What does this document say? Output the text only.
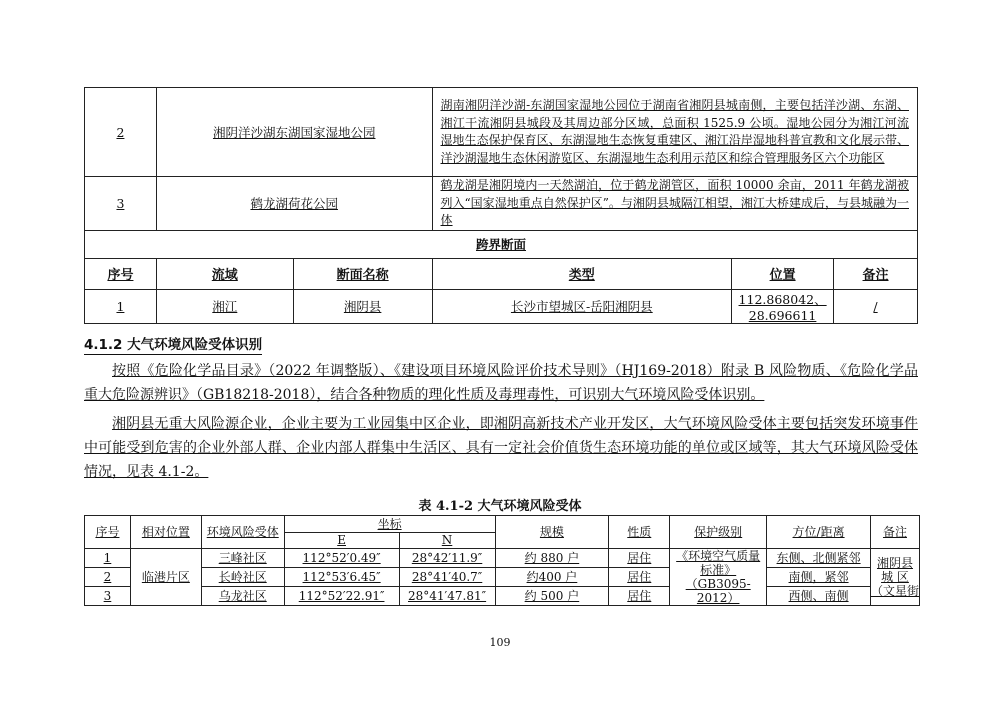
2	湘阴洋沙湖东湖国家湿地公园		湖南湘阴洋沙湖-东湖国家湿地公园位于湖南省湘阴县城南侧，主要包括洋沙湖、东湖、湘江干流湘阴县城段及其周边部分区域，总面积 1525.9 公顷。湿地公园分为湘江河流湿地生态保护保育区、东湖湿地生态恢复重建区、湘江沿岸湿地科普宣教和文化展示带、洋沙湖湿地生态休闲游览区、东湖湿地生态利用示范区和综合管理服务区六个功能区		
3	鹤龙湖荷花公园		鹤龙湖是湘阴境内一天然湖泊，位于鹤龙湖管区，面积 10000 余亩，2011 年鹤龙湖被列入“国家湿地重点自然保护区”。与湘阴县城隔江相望，湘江大桥建成后，与县城融为一体		
跨界断面					
序号	流域	断面名称	类型	位置	备注
1	湘江	湘阴县	长沙市望城区-岳阳湘阴县	112.868042、28.696611	/
4.1.2 大气环境风险受体识别
按照《危险化学品目录》（2022 年调整版）、《建设项目环境风险评价技术导则》（HJ169-2018）附录 B 风险物质、《危险化学品重大危险源辨识》（GB18218-2018），结合各种物质的理化性质及毒理毒性，可识别大气环境风险受体识别。
湘阴县无重大风险源企业，企业主要为工业园集中区企业，即湘阴高新技术产业开发区，大气环境风险受体主要包括突发环境事件中可能受到危害的企业外部人群、企业内部人群集中生活区、具有一定社会价值货生态环境功能的单位或区域等，其大气环境风险受体情况，见表 4.1-2。
表 4.1-2 大气环境风险受体
序号	相对位置	环境风险受体	坐标		规模	性质	保护级别	方位/距离	备注
			E	N					
1	临港片区	三峰社区	112°52′0.49″	28°42′11.9″	约 880 户	居住	《环境空气质量
标准》
（GB3095-2012）	东侧、北侧紧邻	湘阴县
城 区
（文星街
2		长岭社区	112°53′6.45″	28°41′40.7″	约400 户	居住		南侧，紧邻	
3		乌龙社区	112°52′22.91″	28°41′47.81″	约 500 户	居住		西侧、南侧	
109
